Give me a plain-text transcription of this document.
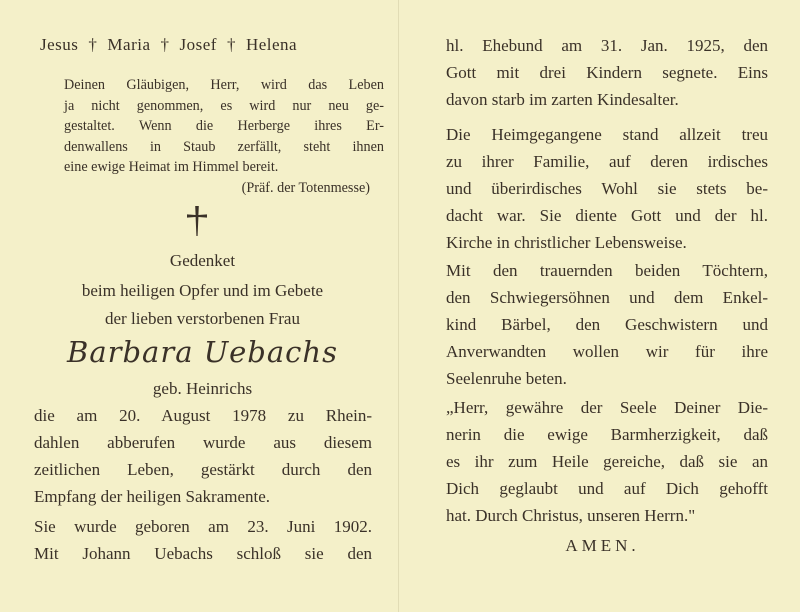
Jesus † Maria † Josef † Helena
Deinen Gläubigen, Herr, wird das Leben
ja nicht genommen, es wird nur neu ge-
gestaltet. Wenn die Herberge ihres Er-
denwallens in Staub zerfällt, steht ihnen
eine ewige Heimat im Himmel bereit.
(Präf. der Totenmesse)
Gedenket
beim heiligen Opfer und im Gebete
der lieben verstorbenen Frau
Barbara Uebachs
geb. Heinrichs
die am 20. August 1978 zu Rhein-
dahlen abberufen wurde aus diesem
zeitlichen Leben, gestärkt durch den
Empfang der heiligen Sakramente.
Sie wurde geboren am 23. Juni 1902.
Mit Johann Uebachs schloß sie den
hl. Ehebund am 31. Jan. 1925, den
Gott mit drei Kindern segnete. Eins
davon starb im zarten Kindesalter.
Die Heimgegangene stand allzeit treu
zu ihrer Familie, auf deren irdisches
und überirdisches Wohl sie stets be-
dacht war. Sie diente Gott und der hl.
Kirche in christlicher Lebensweise.
Mit den trauernden beiden Töchtern,
den Schwiegersöhnen und dem Enkel-
kind Bärbel, den Geschwistern und
Anverwandten wollen wir für ihre
Seelenruhe beten.
„Herr, gewähre der Seele Deiner Die-
nerin die ewige Barmherzigkeit, daß
es ihr zum Heile gereiche, daß sie an
Dich geglaubt und auf Dich gehofft
hat. Durch Christus, unseren Herrn."
AMEN.
